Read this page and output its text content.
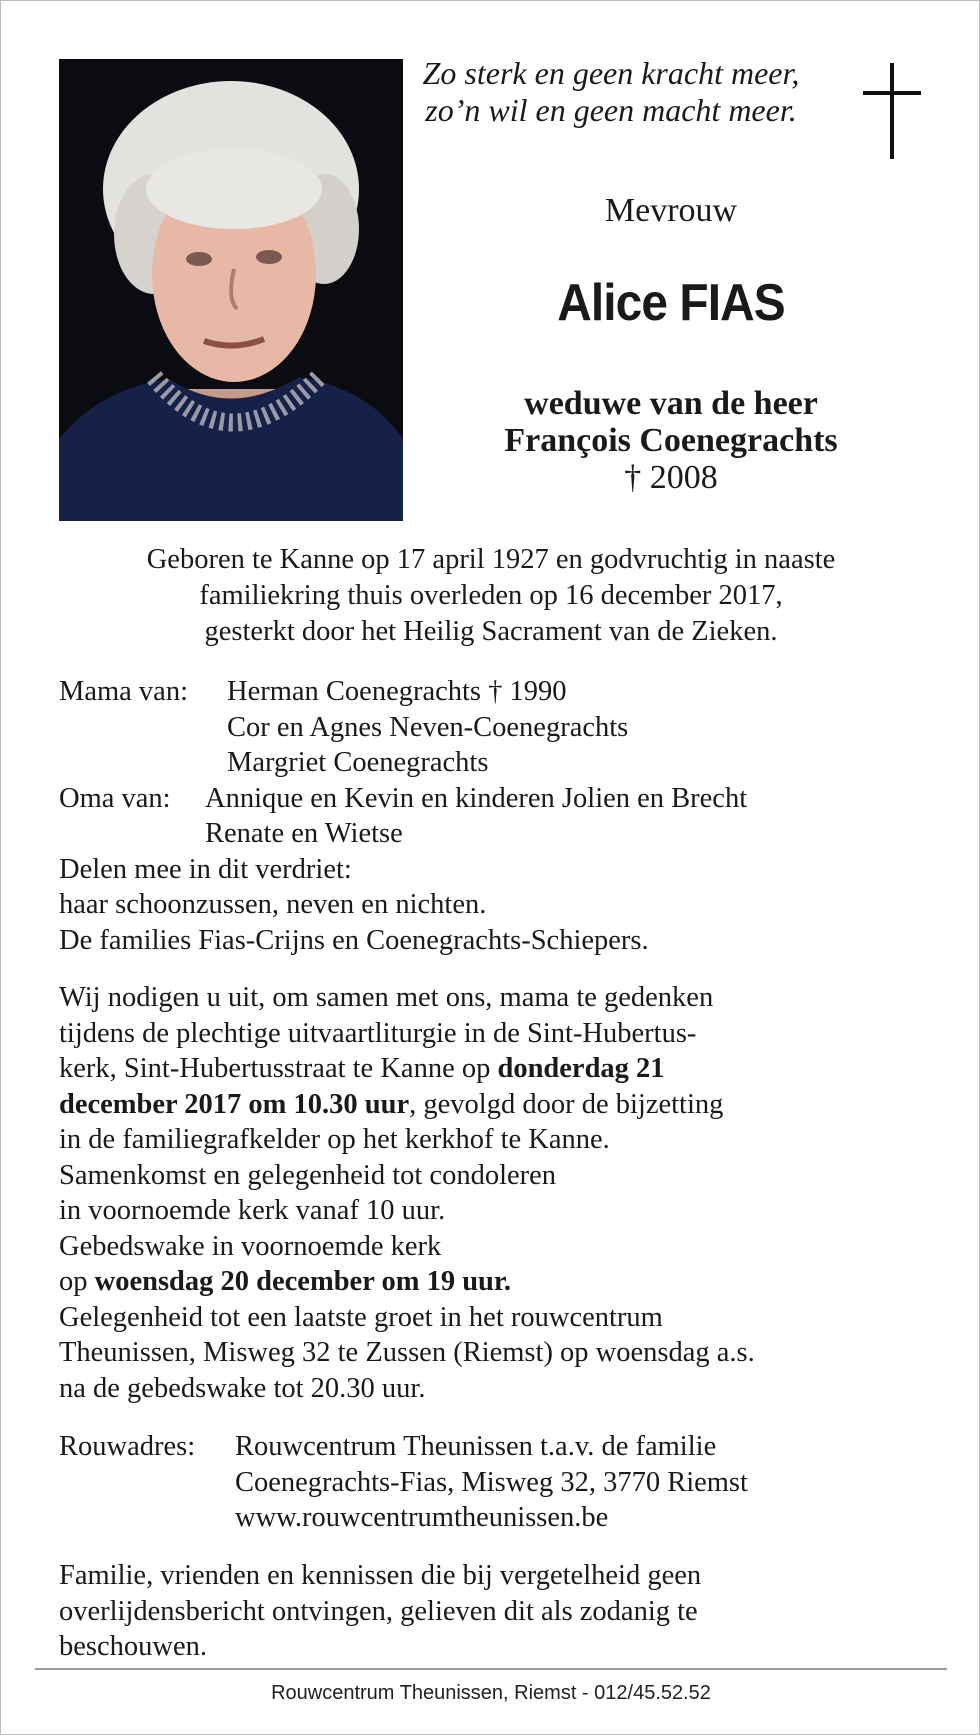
Zo sterk en geen kracht meer,
zo’n wil en geen macht meer.
Mevrouw
Alice FIAS
weduwe van de heer
François Coenegrachts
† 2008
Geboren te Kanne op 17 april 1927 en godvruchtig in naaste
familiekring thuis overleden op 16 december 2017,
gesterkt door het Heilig Sacrament van de Zieken.
Mama van: Herman Coenegrachts † 1990
Cor en Agnes Neven-Coenegrachts
Margriet Coenegrachts
Oma van: Annique en Kevin en kinderen Jolien en Brecht
Renate en Wietse
Delen mee in dit verdriet:
haar schoonzussen, neven en nichten.
De families Fias-Crijns en Coenegrachts-Schiepers.
Wij nodigen u uit, om samen met ons, mama te gedenken
tijdens de plechtige uitvaartliturgie in de Sint-Hubertus-
kerk, Sint-Hubertusstraat te Kanne op donderdag 21
december 2017 om 10.30 uur, gevolgd door de bijzetting
in de familiegrafkelder op het kerkhof te Kanne.
Samenkomst en gelegenheid tot condoleren
in voornoemde kerk vanaf 10 uur.
Gebedswake in voornoemde kerk
op woensdag 20 december om 19 uur.
Gelegenheid tot een laatste groet in het rouwcentrum
Theunissen, Misweg 32 te Zussen (Riemst) op woensdag a.s.
na de gebedswake tot 20.30 uur.
Rouwadres: Rouwcentrum Theunissen t.a.v. de familie
Coenegrachts-Fias, Misweg 32, 3770 Riemst
www.rouwcentrumtheunissen.be
Familie, vrienden en kennissen die bij vergetelheid geen
overlijdensbericht ontvingen, gelieven dit als zodanig te
beschouwen.
Rouwcentrum Theunissen, Riemst - 012/45.52.52
